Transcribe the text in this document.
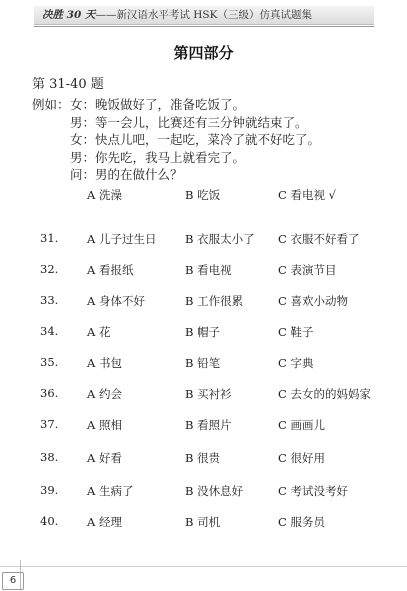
决胜 30 天——新汉语水平考试 HSK（三级）仿真试题集
第四部分
第 31-40 题
例如： 女：晚饭做好了，准备吃饭了。
男：等一会儿，比赛还有三分钟就结束了。
女：快点儿吧，一起吃，菜冷了就不好吃了。
男：你先吃，我马上就看完了。
问：男的在做什么？
A 洗澡	B 吃饭	C 看电视 √
31. A 儿子过生日 B 衣服太小了 C 衣服不好看了
32. A 看报纸	B 看电视	C 表演节目
33. A 身体不好	B 工作很累	C 喜欢小动物
34. A 花	B 帽子	C 鞋子
35. A 书包	B 铅笔	C 字典
36. A 约会	B 买衬衫	C 去女的的妈妈家
37. A 照相	B 看照片	C 画画儿
38. A 好看	B 很贵	C 很好用
39. A 生病了	B 没休息好	C 考试没考好
40. A 经理	B 司机	C 服务员
6
